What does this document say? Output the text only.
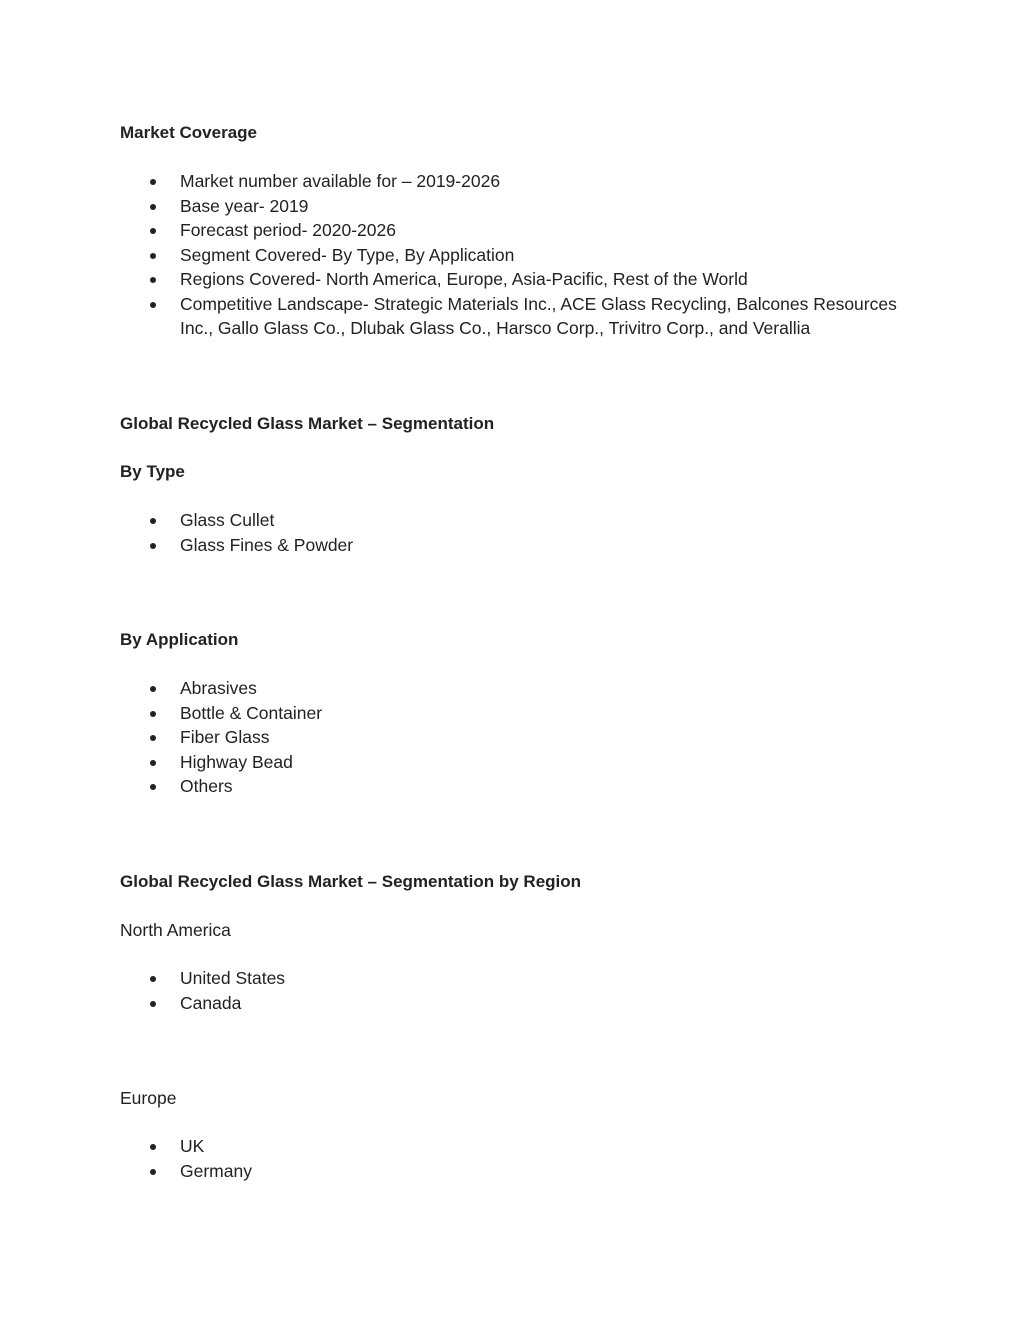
Market Coverage

Market number available for – 2019-2026
Base year- 2019
Forecast period- 2020-2026
Segment Covered- By Type, By Application
Regions Covered- North America, Europe, Asia-Pacific, Rest of the World
Competitive Landscape- Strategic Materials Inc., ACE Glass Recycling, Balcones Resources Inc., Gallo Glass Co., Dlubak Glass Co., Harsco Corp., Trivitro Corp., and Verallia

Global Recycled Glass Market – Segmentation

By Type

Glass Cullet
Glass Fines & Powder

By Application

Abrasives
Bottle & Container
Fiber Glass
Highway Bead
Others

Global Recycled Glass Market – Segmentation by Region

North America

United States
Canada

Europe

UK
Germany
